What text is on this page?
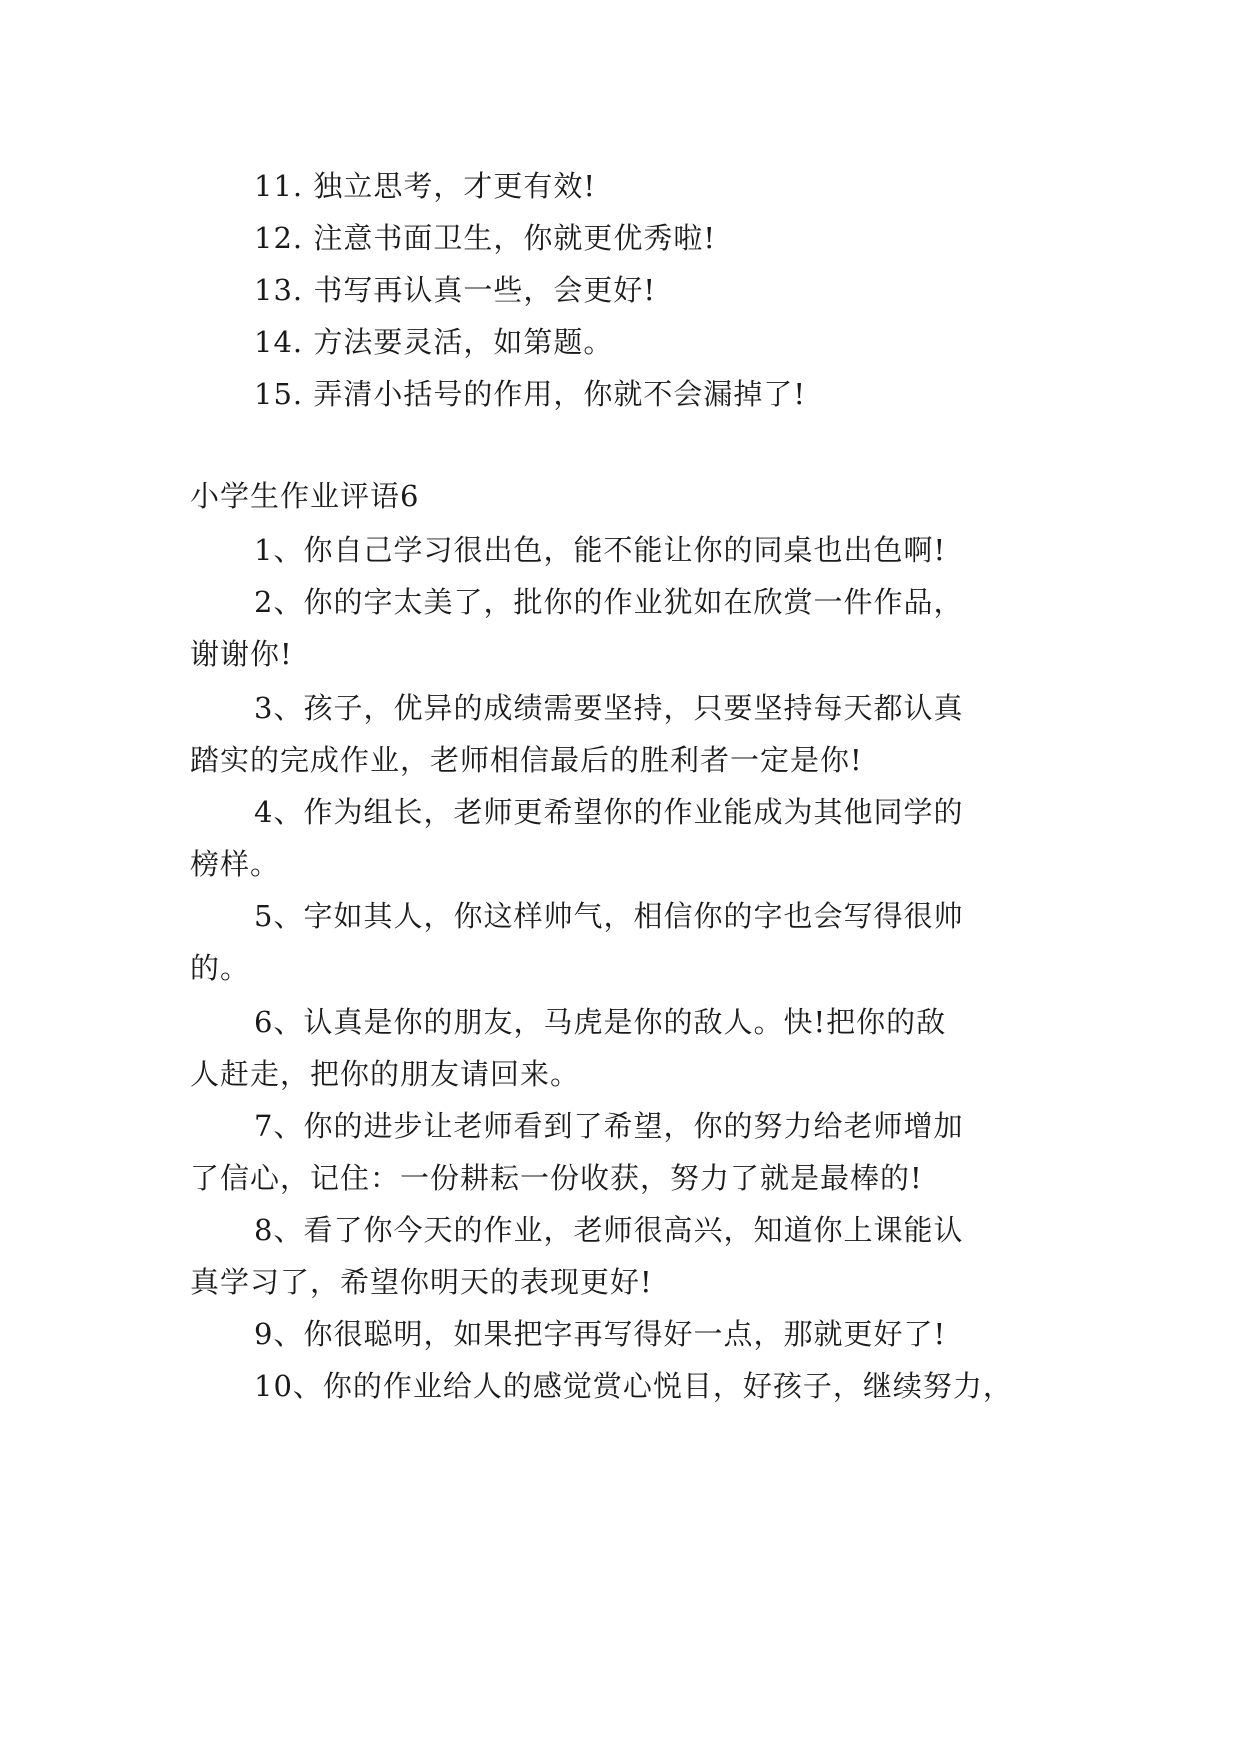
11. 独立思考，才更有效!
12. 注意书面卫生，你就更优秀啦!
13. 书写再认真一些，会更好!
14. 方法要灵活，如第题。
15. 弄清小括号的作用，你就不会漏掉了!
小学生作业评语6
1、你自己学习很出色，能不能让你的同桌也出色啊!
2、你的字太美了，批你的作业犹如在欣赏一件作品，
谢谢你!
3、孩子，优异的成绩需要坚持，只要坚持每天都认真
踏实的完成作业，老师相信最后的胜利者一定是你!
4、作为组长，老师更希望你的作业能成为其他同学的
榜样。
5、字如其人，你这样帅气，相信你的字也会写得很帅
的。
6、认真是你的朋友，马虎是你的敌人。快!把你的敌
人赶走，把你的朋友请回来。
7、你的进步让老师看到了希望，你的努力给老师增加
了信心，记住：一份耕耘一份收获，努力了就是最棒的!
8、看了你今天的作业，老师很高兴，知道你上课能认
真学习了，希望你明天的表现更好!
9、你很聪明，如果把字再写得好一点，那就更好了!
10、你的作业给人的感觉赏心悦目，好孩子，继续努力，
